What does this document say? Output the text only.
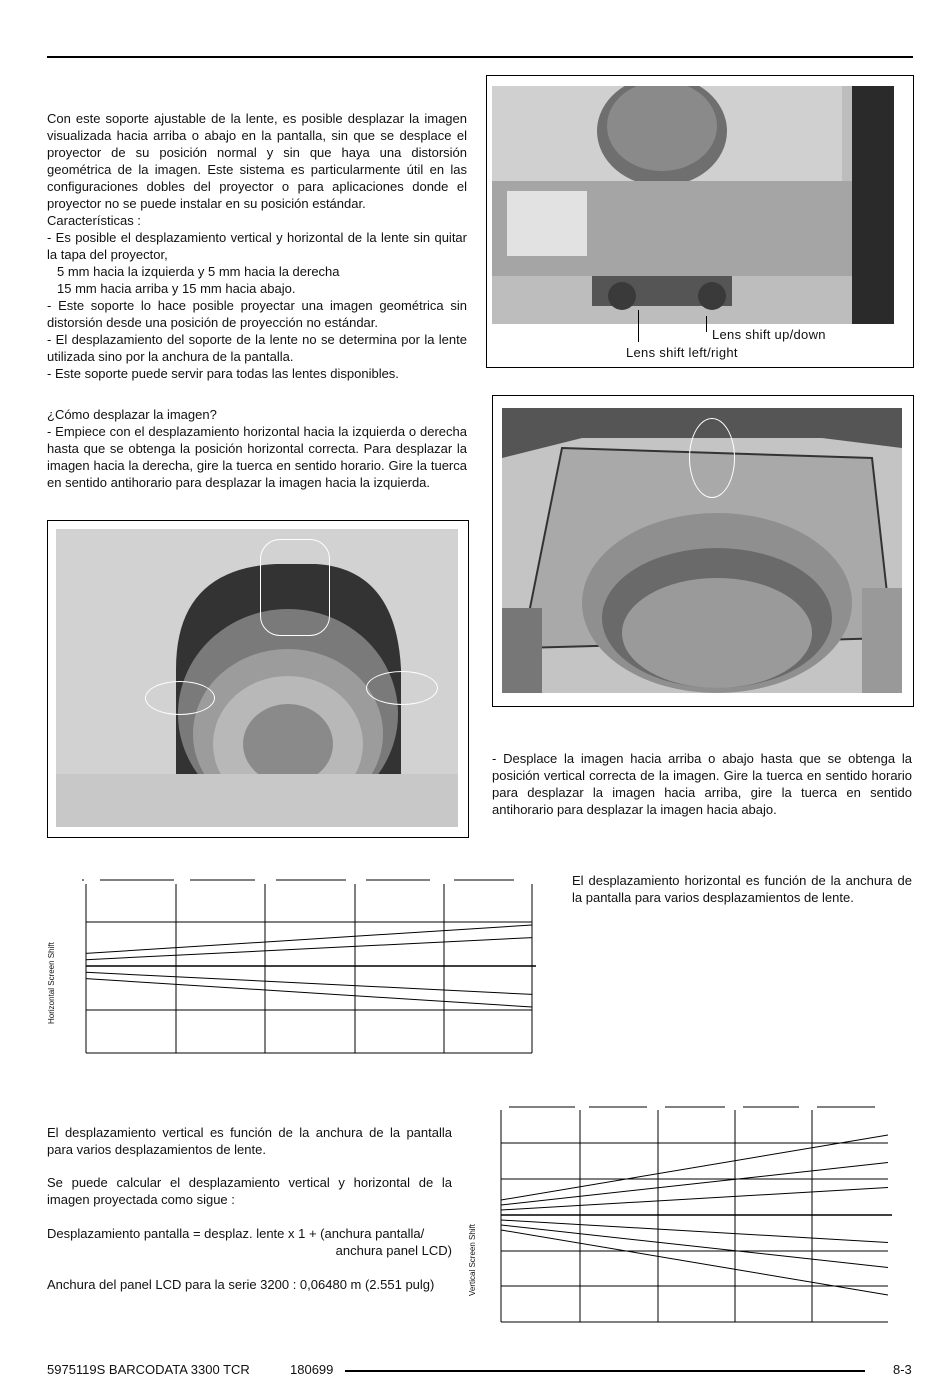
Con este soporte ajustable de la lente, es posible desplazar la imagen visualizada hacia arriba o abajo en la pantalla, sin que se desplace el proyector de su posición normal y sin que haya una distorsión geométrica de la imagen. Este sistema es particularmente útil en las configuraciones dobles del proyector o para aplicaciones donde el proyector no se puede instalar en su posición estándar.

Características :

- Es posible el desplazamiento vertical y horizontal de la lente sin quitar la tapa del proyector,

5 mm hacia la izquierda y 5 mm hacia la derecha

15 mm hacia arriba y 15 mm hacia abajo.

- Este soporte lo hace posible proyectar una imagen geométrica sin distorsión desde una posición de proyección no estándar.

- El desplazamiento del soporte de la lente no se determina por la lente utilizada sino por la anchura de la pantalla.

- Este soporte puede servir para todas las lentes disponibles.

¿Cómo desplazar la imagen?

- Empiece con el desplazamiento horizontal hacia la izquierda o derecha hasta que se obtenga la posición horizontal correcta. Para desplazar la imagen hacia la derecha, gire la tuerca en sentido horario. Gire la tuerca en sentido antihorario para desplazar la imagen hacia la izquierda.

Lens shift up/down
Lens shift left/right
- Desplace la imagen hacia arriba o abajo hasta que se obtenga la posición vertical correcta de la imagen. Gire la tuerca en sentido horario para desplazar la imagen hacia arriba, gire la tuerca en sentido antihorario para desplazar la imagen hacia abajo.
Horizontal Screen Shift
El desplazamiento horizontal es función de la anchura de la pantalla para varios desplazamientos de lente.
El desplazamiento vertical es función de la anchura de la pantalla para varios desplazamientos de lente.
Se puede calcular el desplazamiento vertical y horizontal de la imagen proyectada como sigue :
Desplazamiento pantalla = desplaz. lente x 1 + (anchura pantalla/
anchura panel LCD)
Anchura del panel LCD para la serie 3200 : 0,06480 m (2.551 pulg)	Vertical Screen Shift
5975119S BARCODATA 3300 TCR	180699	8-3
